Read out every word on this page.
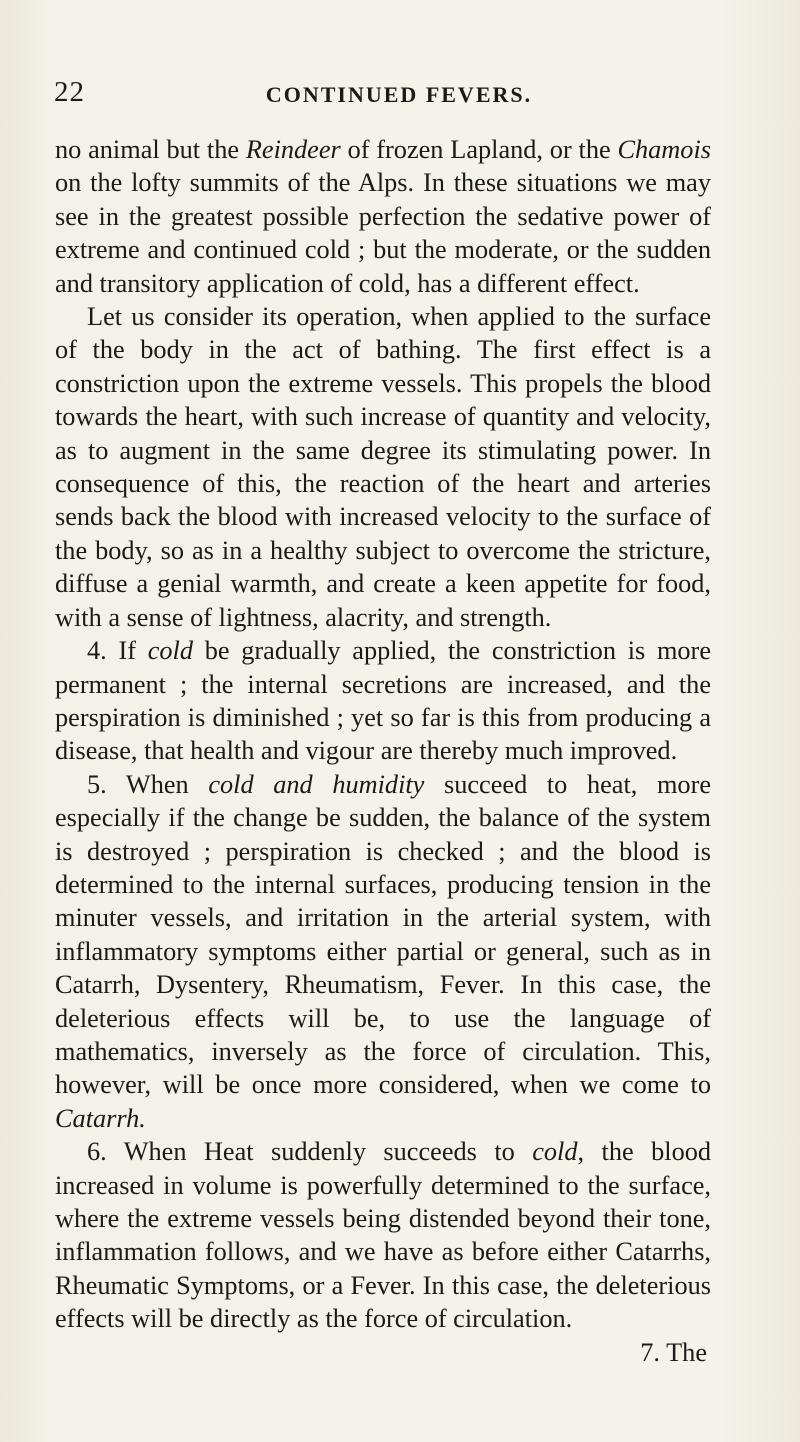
22	CONTINUED FEVERS.

no animal but the Reindeer of frozen Lapland, or the Chamois on the lofty summits of the Alps. In these situations we may see in the greatest possible perfection the sedative power of extreme and continued cold ; but the moderate, or the sudden and transitory application of cold, has a different effect.

Let us consider its operation, when applied to the surface of the body in the act of bathing. The first effect is a constriction upon the extreme vessels. This propels the blood towards the heart, with such increase of quantity and velocity, as to augment in the same degree its stimulating power. In consequence of this, the reaction of the heart and arteries sends back the blood with increased velocity to the surface of the body, so as in a healthy subject to overcome the stricture, diffuse a genial warmth, and create a keen appetite for food, with a sense of lightness, alacrity, and strength.

4. If cold be gradually applied, the constriction is more permanent ; the internal secretions are increased, and the perspiration is diminished ; yet so far is this from producing a disease, that health and vigour are thereby much improved.

5. When cold and humidity succeed to heat, more especially if the change be sudden, the balance of the system is destroyed ; perspiration is checked ; and the blood is determined to the internal surfaces, producing tension in the minuter vessels, and irritation in the arterial system, with inflammatory symptoms either partial or general, such as in Catarrh, Dysentery, Rheumatism, Fever. In this case, the deleterious effects will be, to use the language of mathematics, inversely as the force of circulation. This, however, will be once more considered, when we come to Catarrh.

6. When Heat suddenly succeeds to cold, the blood increased in volume is powerfully determined to the surface, where the extreme vessels being distended beyond their tone, inflammation follows, and we have as before either Catarrhs, Rheumatic Symptoms, or a Fever. In this case, the deleterious effects will be directly as the force of circulation.

7. The
